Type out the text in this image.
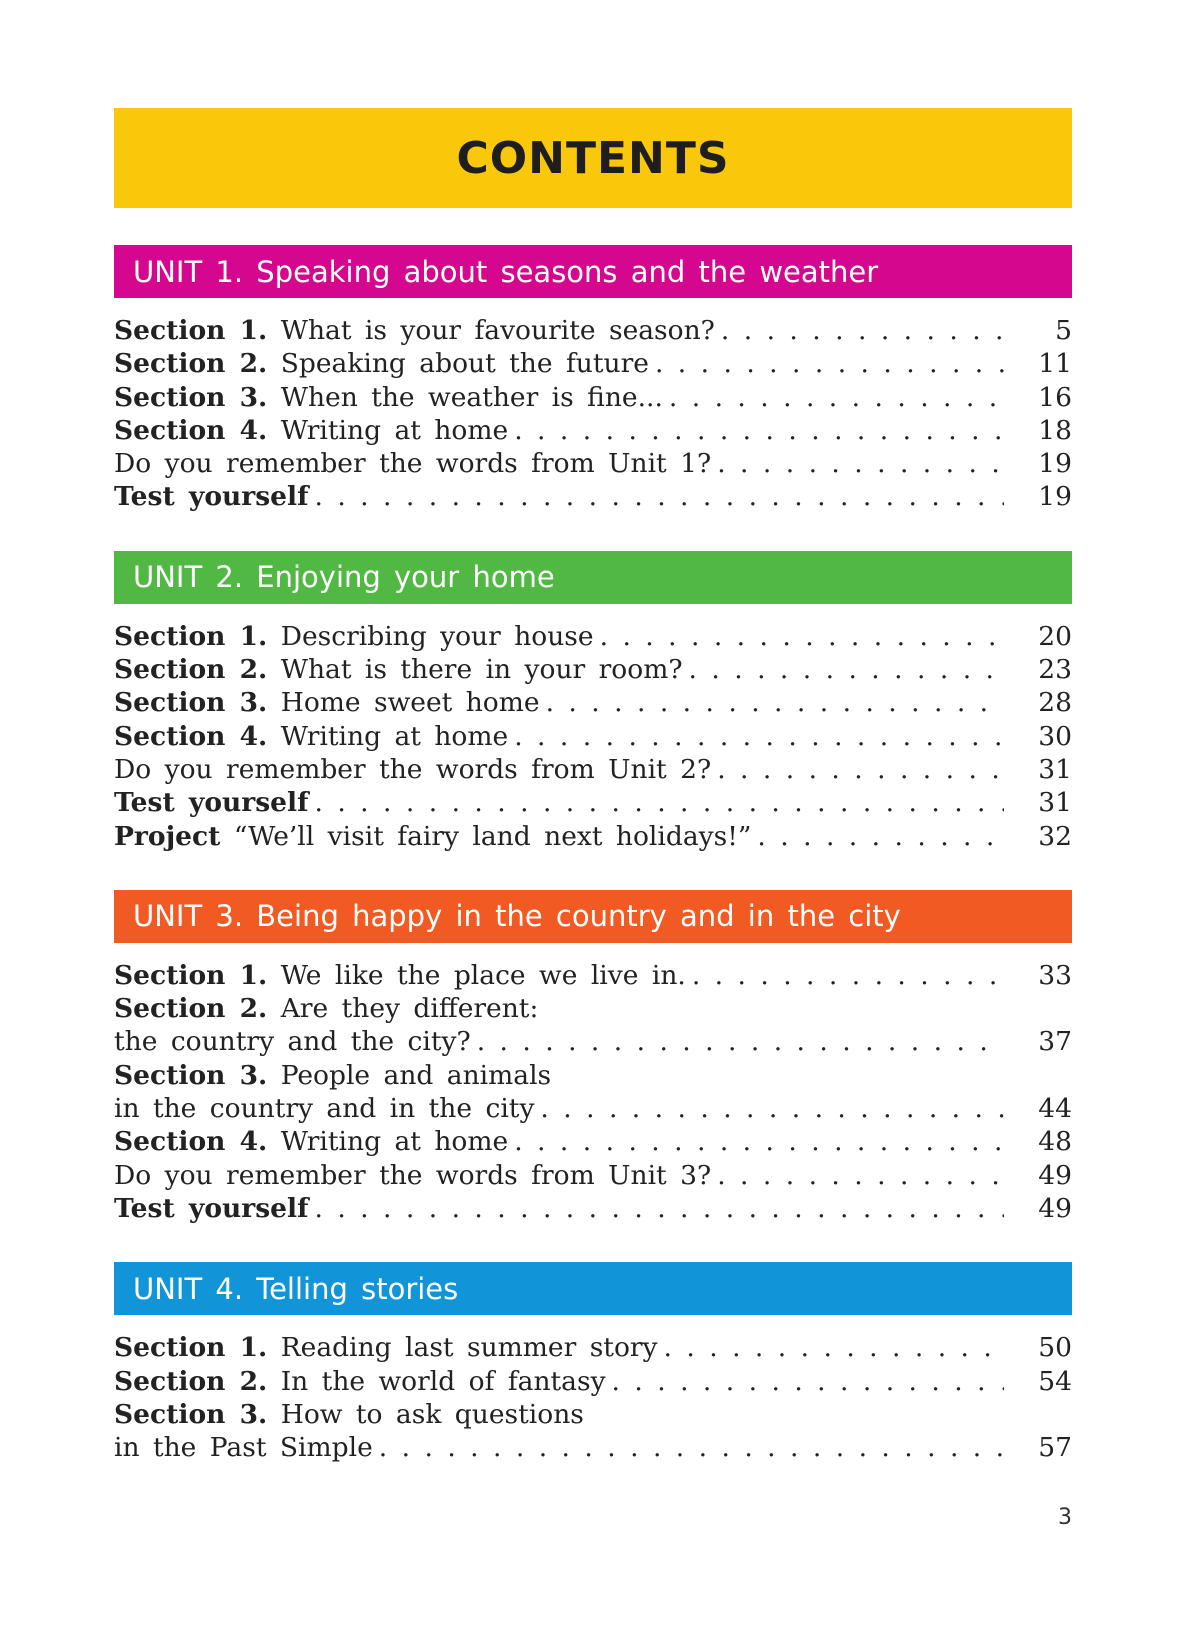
CONTENTS
UNIT 1. Speaking about seasons and the weather
Section 1. What is your favourite season? . . .	5
Section 2. Speaking about the future . . .	11
Section 3. When the weather is fine... . . .	16
Section 4. Writing at home . . .	18
Do you remember the words from Unit 1? . . .	19
Test yourself . . .	19
UNIT 2. Enjoying your home
Section 1. Describing your house . . .	20
Section 2. What is there in your room? . . .	23
Section 3. Home sweet home . . .	28
Section 4. Writing at home . . .	30
Do you remember the words from Unit 2? . . .	31
Test yourself . . .	31
Project “We’ll visit fairy land next holidays!” . . .	32
UNIT 3. Being happy in the country and in the city
Section 1. We like the place we live in. . . .	33
Section 2. Are they different:
the country and the city? . . .	37
Section 3. People and animals
in the country and in the city . . .	44
Section 4. Writing at home . . .	48
Do you remember the words from Unit 3? . . .	49
Test yourself . . .	49
UNIT 4. Telling stories
Section 1. Reading last summer story . . .	50
Section 2. In the world of fantasy . . .	54
Section 3. How to ask questions
in the Past Simple . . .	57
3
